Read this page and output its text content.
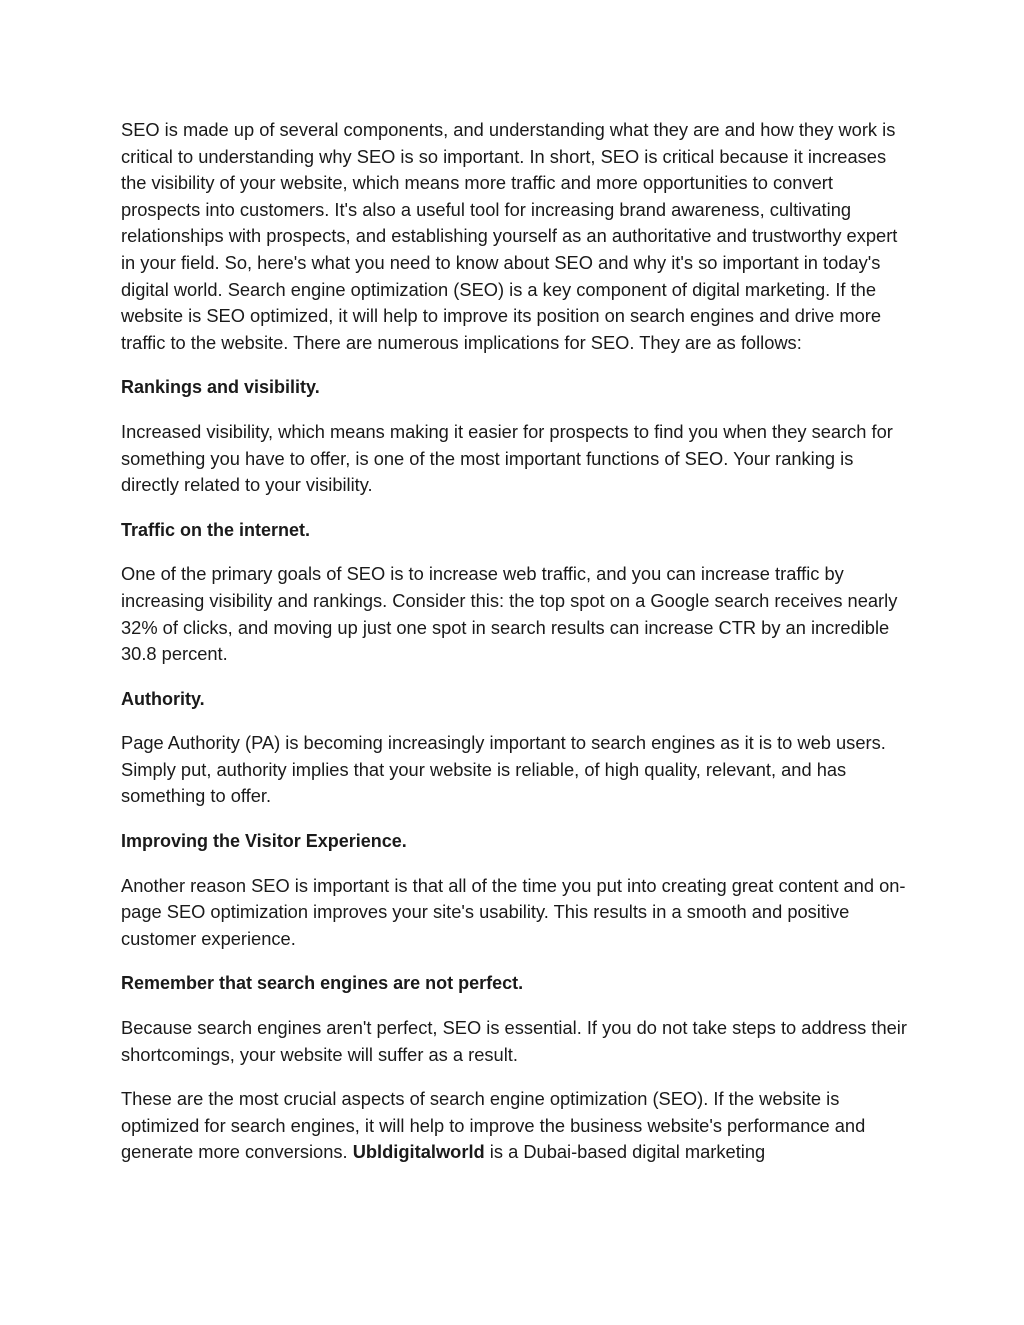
SEO is made up of several components, and understanding what they are and how they work is critical to understanding why SEO is so important. In short, SEO is critical because it increases the visibility of your website, which means more traffic and more opportunities to convert prospects into customers. It's also a useful tool for increasing brand awareness, cultivating relationships with prospects, and establishing yourself as an authoritative and trustworthy expert in your field. So, here's what you need to know about SEO and why it's so important in today's digital world. Search engine optimization (SEO) is a key component of digital marketing. If the website is SEO optimized, it will help to improve its position on search engines and drive more traffic to the website. There are numerous implications for SEO. They are as follows:

Rankings and visibility.

Increased visibility, which means making it easier for prospects to find you when they search for something you have to offer, is one of the most important functions of SEO. Your ranking is directly related to your visibility.

Traffic on the internet.

One of the primary goals of SEO is to increase web traffic, and you can increase traffic by increasing visibility and rankings. Consider this: the top spot on a Google search receives nearly 32% of clicks, and moving up just one spot in search results can increase CTR by an incredible 30.8 percent.

Authority.

Page Authority (PA) is becoming increasingly important to search engines as it is to web users. Simply put, authority implies that your website is reliable, of high quality, relevant, and has something to offer.

Improving the Visitor Experience.

Another reason SEO is important is that all of the time you put into creating great content and on-page SEO optimization improves your site's usability. This results in a smooth and positive customer experience.

Remember that search engines are not perfect.

Because search engines aren't perfect, SEO is essential. If you do not take steps to address their shortcomings, your website will suffer as a result.

These are the most crucial aspects of search engine optimization (SEO). If the website is optimized for search engines, it will help to improve the business website's performance and generate more conversions. Ubldigitalworld is a Dubai-based digital marketing
